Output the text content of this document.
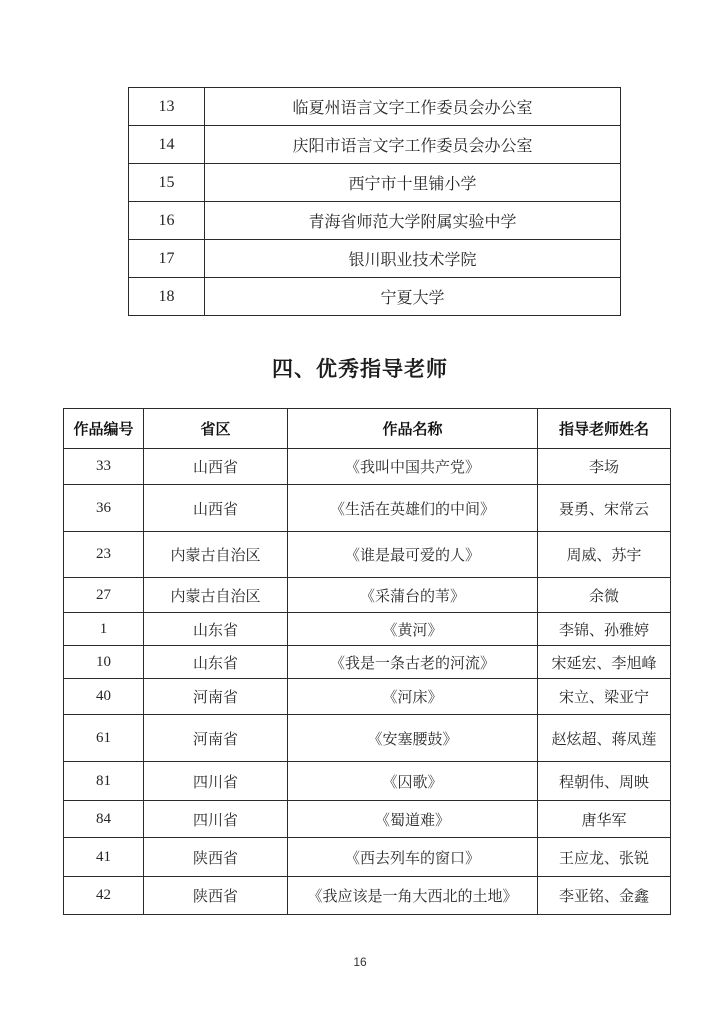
13	临夏州语言文字工作委员会办公室
14	庆阳市语言文字工作委员会办公室
15	西宁市十里铺小学
16	青海省师范大学附属实验中学
17	银川职业技术学院
18	宁夏大学
四、优秀指导老师
作品编号	省区	作品名称	指导老师姓名
33	山西省	《我叫中国共产党》	李场
36	山西省	《生活在英雄们的中间》	聂勇、宋常云
23	内蒙古自治区	《谁是最可爱的人》	周威、苏宇
27	内蒙古自治区	《采蒲台的苇》	余微
1	山东省	《黄河》	李锦、孙雅婷
10	山东省	《我是一条古老的河流》	宋延宏、李旭峰
40	河南省	《河床》	宋立、梁亚宁
61	河南省	《安塞腰鼓》	赵炫超、蒋凤莲
81	四川省	《囚歌》	程朝伟、周映
84	四川省	《蜀道难》	唐华军
41	陕西省	《西去列车的窗口》	王应龙、张锐
42	陕西省	《我应该是一角大西北的土地》	李亚铭、金鑫
16
